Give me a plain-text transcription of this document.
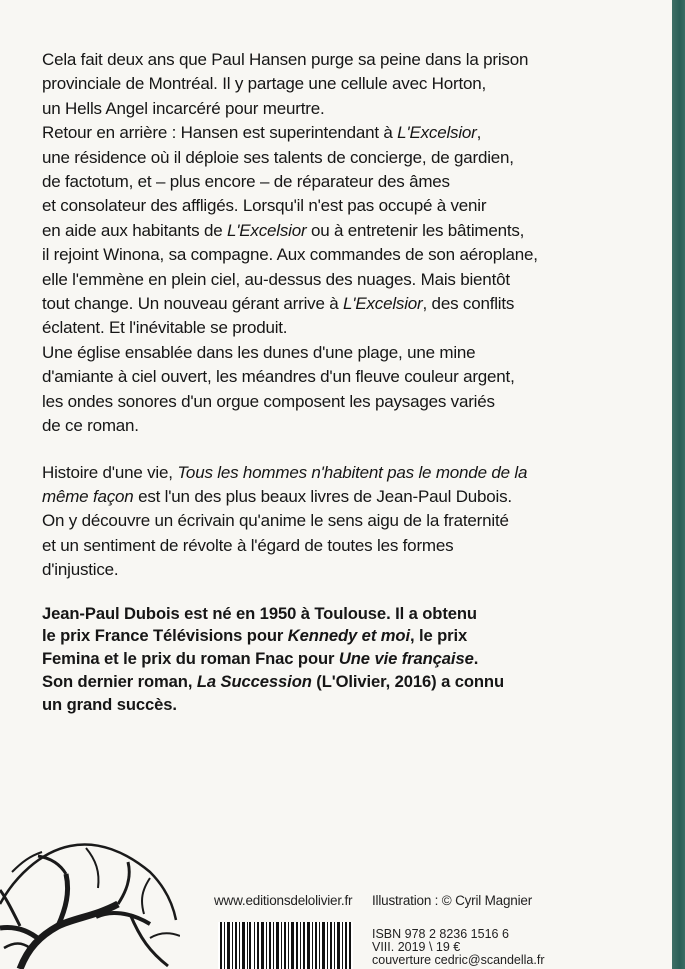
Cela fait deux ans que Paul Hansen purge sa peine dans la prison
provinciale de Montréal. Il y partage une cellule avec Horton,
un Hells Angel incarcéré pour meurtre.
Retour en arrière : Hansen est superintendant à L'Excelsior,
une résidence où il déploie ses talents de concierge, de gardien,
de factotum, et – plus encore – de réparateur des âmes
et consolateur des affligés. Lorsqu'il n'est pas occupé à venir
en aide aux habitants de L'Excelsior ou à entretenir les bâtiments,
il rejoint Winona, sa compagne. Aux commandes de son aéroplane,
elle l'emmène en plein ciel, au-dessus des nuages. Mais bientôt
tout change. Un nouveau gérant arrive à L'Excelsior, des conflits
éclatent. Et l'inévitable se produit.
Une église ensablée dans les dunes d'une plage, une mine
d'amiante à ciel ouvert, les méandres d'un fleuve couleur argent,
les ondes sonores d'un orgue composent les paysages variés
de ce roman.
Histoire d'une vie, Tous les hommes n'habitent pas le monde de la
même façon est l'un des plus beaux livres de Jean-Paul Dubois.
On y découvre un écrivain qu'anime le sens aigu de la fraternité
et un sentiment de révolte à l'égard de toutes les formes
d'injustice.
Jean-Paul Dubois est né en 1950 à Toulouse. Il a obtenu
le prix France Télévisions pour Kennedy et moi, le prix
Femina et le prix du roman Fnac pour Une vie française.
Son dernier roman, La Succession (L'Olivier, 2016) a connu
un grand succès.
www.editionsdelolivier.fr Illustration : © Cyril Magnier
ISBN 978 2 8236 1516 6
VIII. 2019 \ 19 €
couverture cedric@scandella.fr
